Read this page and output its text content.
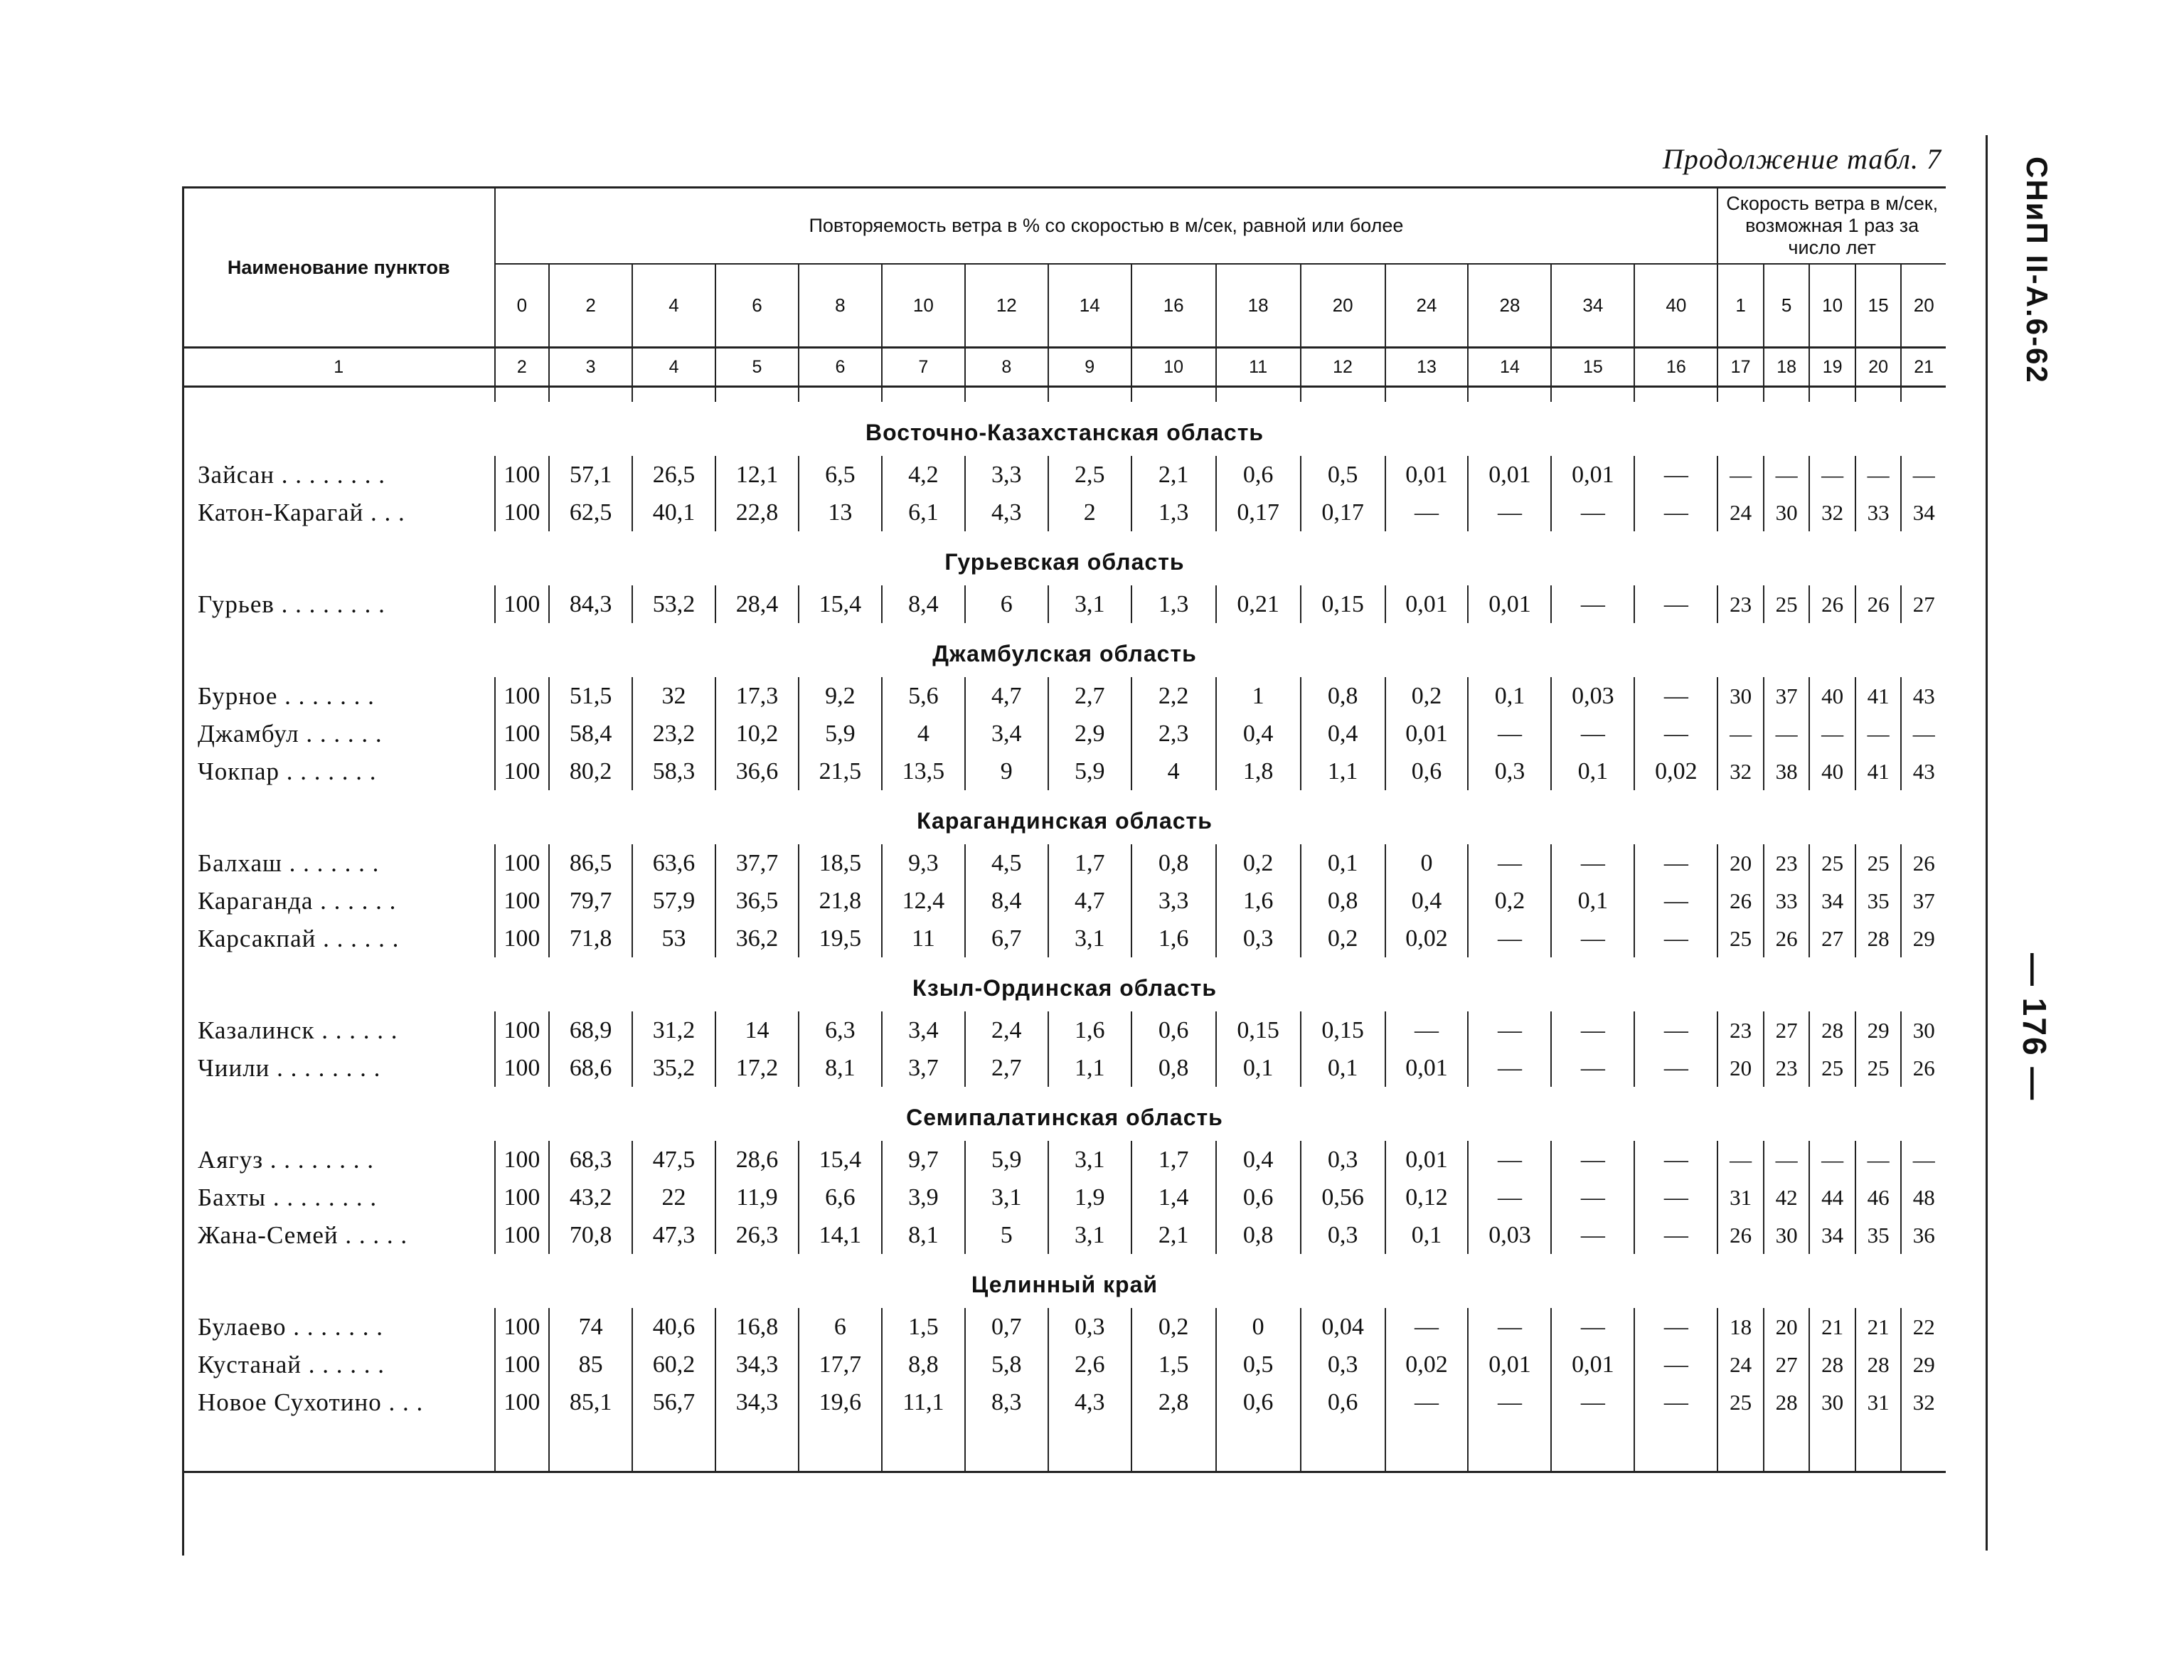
Продолжение табл. 7	СНиП II-А.6-62
— 176 —
Наименование пунктов	Повторяемость ветра в % со скоростью в м/сек, равной или более															Скорость ветра в м/сек, возможная 1 раз за число лет				
	0	2	4	6	8	10	12	14	16	18	20	24	28	34	40	1	5	10	15	20
1	2	3	4	5	6	7	8	9	10	11	12	13	14	15	16	17	18	19	20	21

Восточно-Казахстанская область																				
Зайсан . . . . . . . .	100	57,1	26,5	12,1	6,5	4,2	3,3	2,5	2,1	0,6	0,5	0,01	0,01	0,01	—	—	—	—	—	—
Катон-Карагай . . .	100	62,5	40,1	22,8	13	6,1	4,3	2	1,3	0,17	0,17	—	—	—	—	24	30	32	33	34
Гурьевская область																				
Гурьев . . . . . . . .	100	84,3	53,2	28,4	15,4	8,4	6	3,1	1,3	0,21	0,15	0,01	0,01	—	—	23	25	26	26	27
Джамбулская область																				
Бурное . . . . . . .	100	51,5	32	17,3	9,2	5,6	4,7	2,7	2,2	1	0,8	0,2	0,1	0,03	—	30	37	40	41	43
Джамбул . . . . . .	100	58,4	23,2	10,2	5,9	4	3,4	2,9	2,3	0,4	0,4	0,01	—	—	—	—	—	—	—	—
Чокпар . . . . . . .	100	80,2	58,3	36,6	21,5	13,5	9	5,9	4	1,8	1,1	0,6	0,3	0,1	0,02	32	38	40	41	43
Карагандинская область																				
Балхаш . . . . . . .	100	86,5	63,6	37,7	18,5	9,3	4,5	1,7	0,8	0,2	0,1	0	—	—	—	20	23	25	25	26
Караганда . . . . . .	100	79,7	57,9	36,5	21,8	12,4	8,4	4,7	3,3	1,6	0,8	0,4	0,2	0,1	—	26	33	34	35	37
Карсакпай . . . . . .	100	71,8	53	36,2	19,5	11	6,7	3,1	1,6	0,3	0,2	0,02	—	—	—	25	26	27	28	29
Кзыл-Ординская область																				
Казалинск . . . . . .	100	68,9	31,2	14	6,3	3,4	2,4	1,6	0,6	0,15	0,15	—	—	—	—	23	27	28	29	30
Чиили . . . . . . . .	100	68,6	35,2	17,2	8,1	3,7	2,7	1,1	0,8	0,1	0,1	0,01	—	—	—	20	23	25	25	26
Семипалатинская область																				
Аягуз . . . . . . . .	100	68,3	47,5	28,6	15,4	9,7	5,9	3,1	1,7	0,4	0,3	0,01	—	—	—	—	—	—	—	—
Бахты . . . . . . . .	100	43,2	22	11,9	6,6	3,9	3,1	1,9	1,4	0,6	0,56	0,12	—	—	—	31	42	44	46	48
Жана-Семей . . . . .	100	70,8	47,3	26,3	14,1	8,1	5	3,1	2,1	0,8	0,3	0,1	0,03	—	—	26	30	34	35	36
Целинный край																				
Булаево . . . . . . .	100	74	40,6	16,8	6	1,5	0,7	0,3	0,2	0	0,04	—	—	—	—	18	20	21	21	22
Кустанай . . . . . .	100	85	60,2	34,3	17,7	8,8	5,8	2,6	1,5	0,5	0,3	0,02	0,01	0,01	—	24	27	28	28	29
Новое Сухотино . . .	100	85,1	56,7	34,3	19,6	11,1	8,3	4,3	2,8	0,6	0,6	—	—	—	—	25	28	30	31	32
